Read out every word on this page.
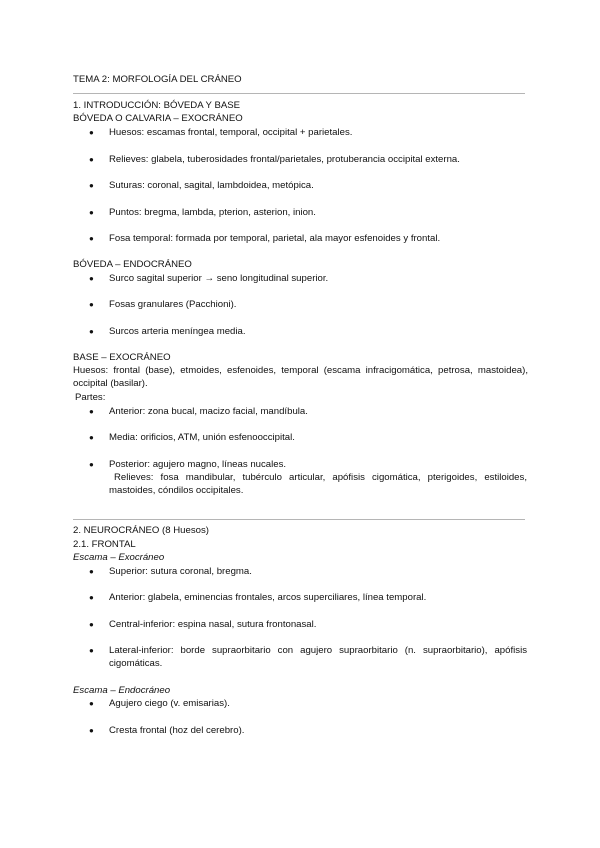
TEMA 2: MORFOLOGÍA DEL CRÁNEO
1. INTRODUCCIÓN: BÓVEDA Y BASE
BÓVEDA O CALVARIA – EXOCRÁNEO
● Huesos: escamas frontal, temporal, occipital + parietales.
● Relieves: glabela, tuberosidades frontal/parietales, protuberancia occipital externa.
● Suturas: coronal, sagital, lambdoidea, metópica.
● Puntos: bregma, lambda, pterion, asterion, inion.
● Fosa temporal: formada por temporal, parietal, ala mayor esfenoides y frontal.
BÓVEDA – ENDOCRÁNEO
● Surco sagital superior → seno longitudinal superior.
● Fosas granulares (Pacchioni).
● Surcos arteria meníngea media.
BASE – EXOCRÁNEO
Huesos: frontal (base), etmoides, esfenoides, temporal (escama infracigomática, petrosa, mastoidea), occipital (basilar).
Partes:
● Anterior: zona bucal, macizo facial, mandíbula.
● Media: orificios, ATM, unión esfenooccipital.
● Posterior: agujero magno, líneas nucales.
Relieves: fosa mandibular, tubérculo articular, apófisis cigomática, pterigoides, estiloides, mastoides, cóndilos occipitales.
2. NEUROCRÁNEO (8 Huesos)
2.1. FRONTAL
Escama – Exocráneo
● Superior: sutura coronal, bregma.
● Anterior: glabela, eminencias frontales, arcos superciliares, línea temporal.
● Central-inferior: espina nasal, sutura frontonasal.
● Lateral-inferior: borde supraorbitario con agujero supraorbitario (n. supraorbitario), apófisis cigomáticas.
Escama – Endocráneo
● Agujero ciego (v. emisarias).
● Cresta frontal (hoz del cerebro).
